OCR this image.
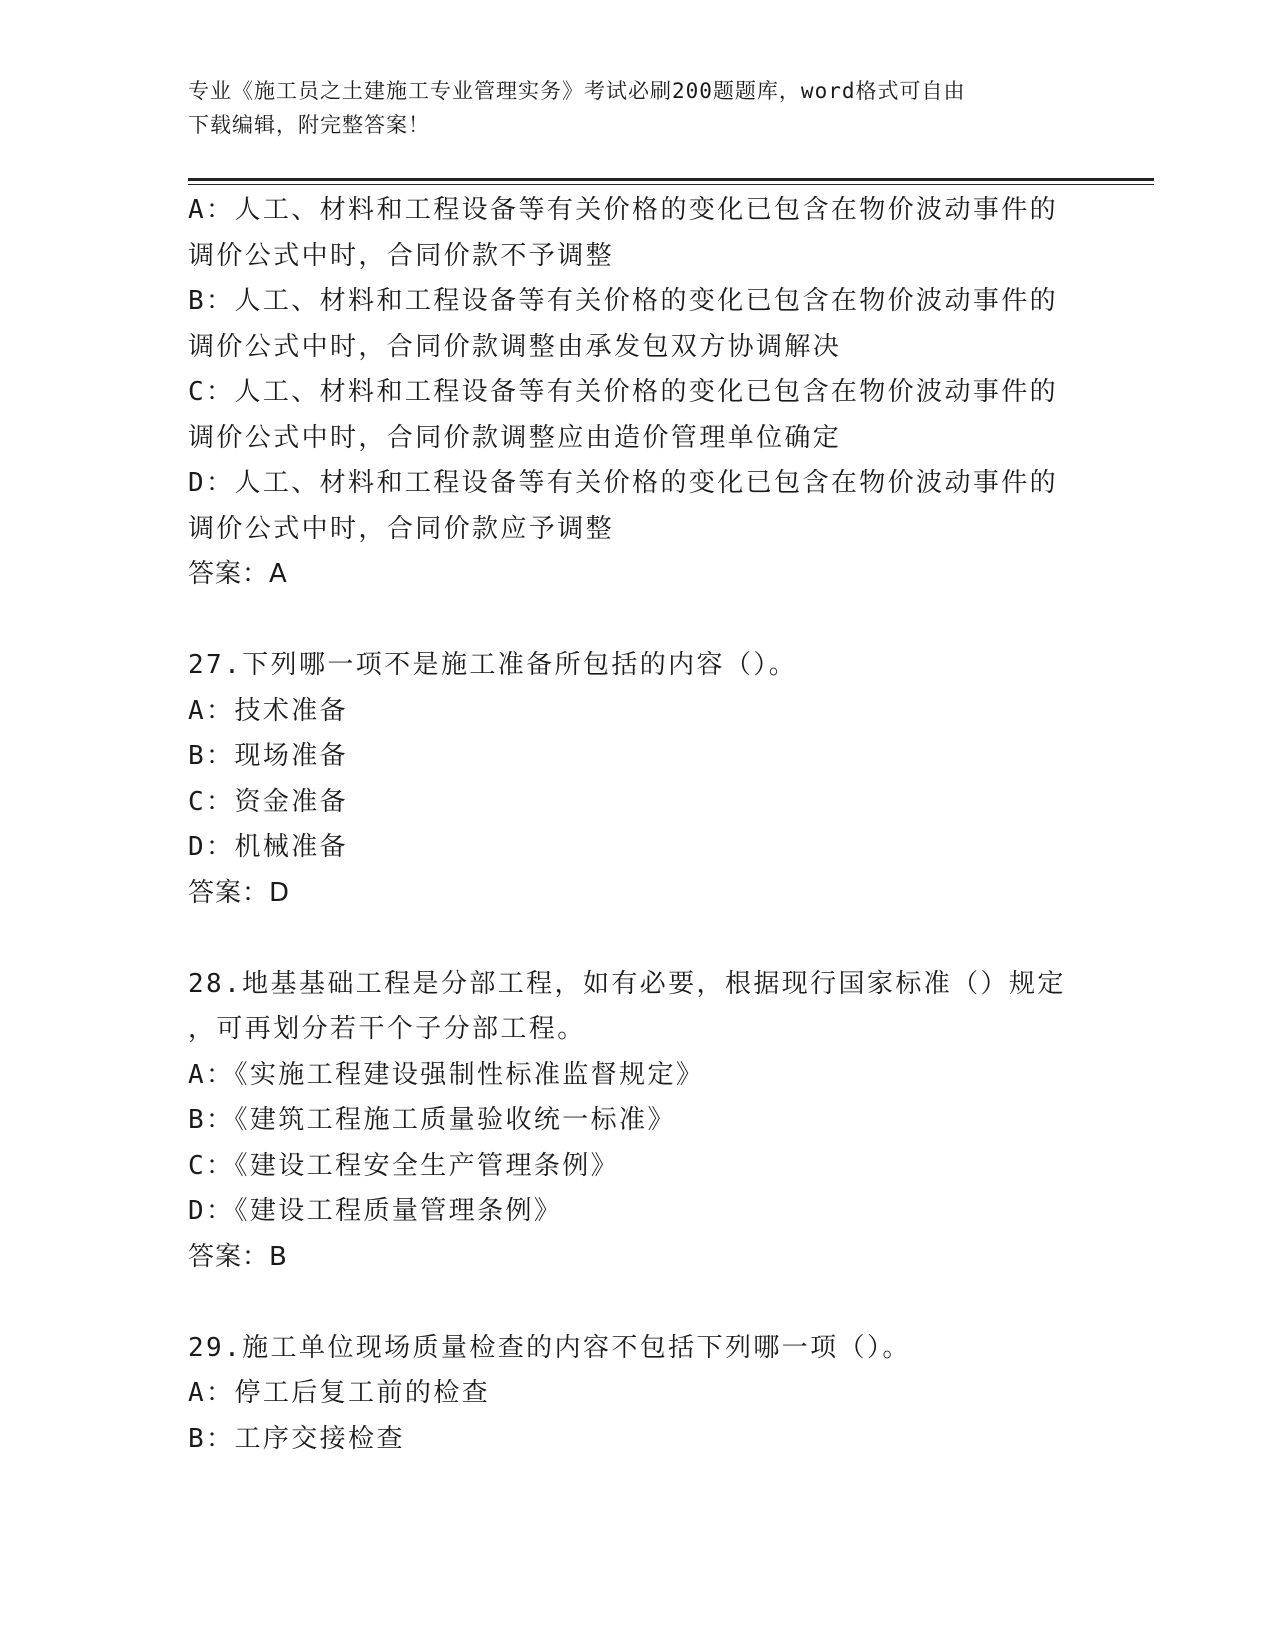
专业《施工员之土建施工专业管理实务》考试必刷200题题库，word格式可自由
下载编辑，附完整答案！
A：人工、材料和工程设备等有关价格的变化已包含在物价波动事件的
调价公式中时，合同价款不予调整
B：人工、材料和工程设备等有关价格的变化已包含在物价波动事件的
调价公式中时，合同价款调整由承发包双方协调解决
C：人工、材料和工程设备等有关价格的变化已包含在物价波动事件的
调价公式中时，合同价款调整应由造价管理单位确定
D：人工、材料和工程设备等有关价格的变化已包含在物价波动事件的
调价公式中时，合同价款应予调整
答案：A
27.下列哪一项不是施工准备所包括的内容（）。
A：技术准备
B：现场准备
C：资金准备
D：机械准备
答案：D
28.地基基础工程是分部工程，如有必要，根据现行国家标准（）规定
，可再划分若干个子分部工程。
A：《实施工程建设强制性标准监督规定》
B：《建筑工程施工质量验收统一标准》
C：《建设工程安全生产管理条例》
D：《建设工程质量管理条例》
答案：B
29.施工单位现场质量检查的内容不包括下列哪一项（）。
A：停工后复工前的检查
B：工序交接检查
